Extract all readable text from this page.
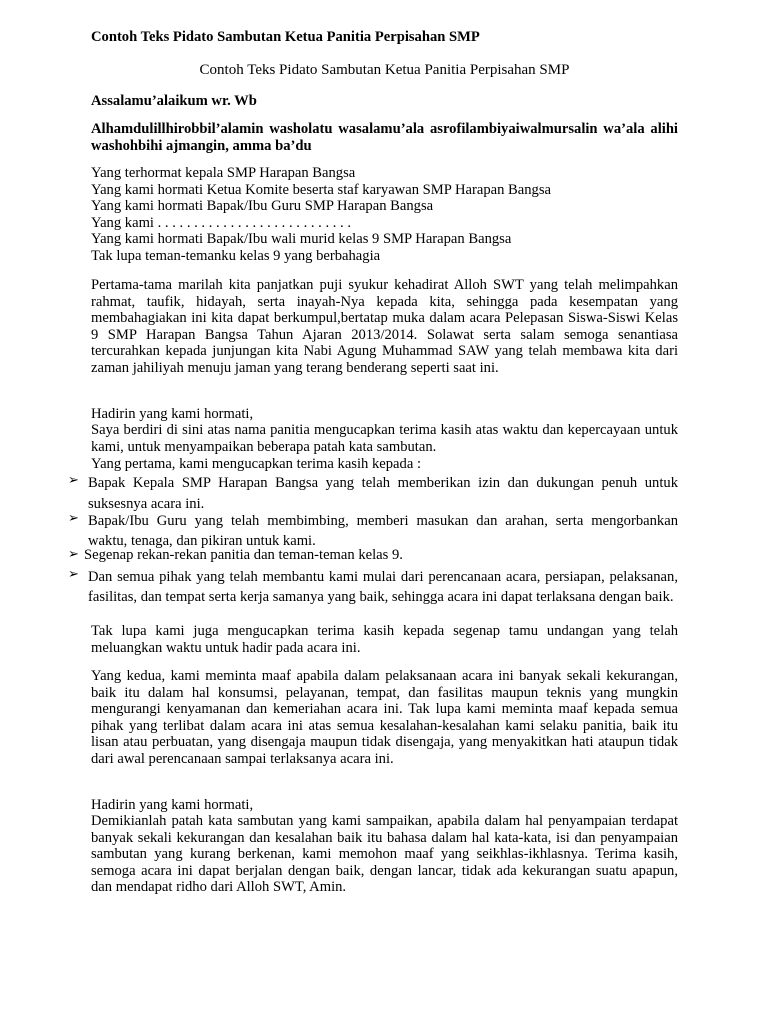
Contoh Teks Pidato Sambutan Ketua Panitia Perpisahan SMP
Contoh Teks Pidato Sambutan Ketua Panitia Perpisahan SMP
Assalamu’alaikum wr. Wb
Alhamdulillhirobbil’alamin washolatu wasalamu’ala asrofilambiyaiwalmursalin wa’ala alihi washohbihi ajmangin, amma ba’du
Yang terhormat kepala SMP Harapan Bangsa
Yang kami hormati Ketua Komite beserta staf karyawan SMP Harapan Bangsa
Yang kami hormati Bapak/Ibu Guru SMP Harapan Bangsa
Yang kami . . . . . . . . . . . . . . . . . . . . . . . . . . .
Yang kami hormati Bapak/Ibu wali murid kelas 9 SMP Harapan Bangsa
Tak lupa teman-temanku kelas 9 yang berbahagia
Pertama-tama marilah kita panjatkan puji syukur kehadirat Alloh SWT yang telah melimpahkan rahmat, taufik, hidayah, serta inayah-Nya kepada kita, sehingga pada kesempatan yang membahagiakan ini kita dapat berkumpul,bertatap muka dalam acara Pelepasan Siswa-Siswi Kelas 9 SMP Harapan Bangsa Tahun Ajaran 2013/2014. Solawat serta salam semoga senantiasa tercurahkan kepada junjungan kita Nabi Agung Muhammad SAW yang telah membawa kita dari zaman jahiliyah menuju jaman yang terang benderang seperti saat ini.
Hadirin yang kami hormati,
Saya berdiri di sini atas nama panitia mengucapkan terima kasih atas waktu dan kepercayaan untuk kami, untuk menyampaikan beberapa patah kata sambutan.
Yang pertama, kami mengucapkan terima kasih kepada :
➢ Bapak Kepala SMP Harapan Bangsa yang telah memberikan izin dan dukungan penuh untuk suksesnya acara ini.
➢ Bapak/Ibu Guru yang telah membimbing, memberi masukan dan arahan, serta mengorbankan waktu, tenaga, dan pikiran untuk kami.
➢ Segenap rekan-rekan panitia dan teman-teman kelas 9.
➢ Dan semua pihak yang telah membantu kami mulai dari perencanaan acara, persiapan, pelaksanan, fasilitas, dan tempat serta kerja samanya yang baik, sehingga acara ini dapat terlaksana dengan baik.
Tak lupa kami juga mengucapkan terima kasih kepada segenap tamu undangan yang telah meluangkan waktu untuk hadir pada acara ini.
Yang kedua, kami meminta maaf apabila dalam pelaksanaan acara ini banyak sekali kekurangan, baik itu dalam hal konsumsi, pelayanan, tempat, dan fasilitas maupun teknis yang mungkin mengurangi kenyamanan dan kemeriahan acara ini. Tak lupa kami meminta maaf kepada semua pihak yang terlibat dalam acara ini atas semua kesalahan-kesalahan kami selaku panitia, baik itu lisan atau perbuatan, yang disengaja maupun tidak disengaja, yang menyakitkan hati ataupun tidak dari awal perencanaan sampai terlaksanya acara ini.
Hadirin yang kami hormati,
Demikianlah patah kata sambutan yang kami sampaikan, apabila dalam hal penyampaian terdapat banyak sekali kekurangan dan kesalahan baik itu bahasa dalam hal kata-kata, isi dan penyampaian sambutan yang kurang berkenan, kami memohon maaf yang seikhlas-ikhlasnya. Terima kasih, semoga acara ini dapat berjalan dengan baik, dengan lancar, tidak ada kekurangan suatu apapun, dan mendapat ridho dari Alloh SWT, Amin.
